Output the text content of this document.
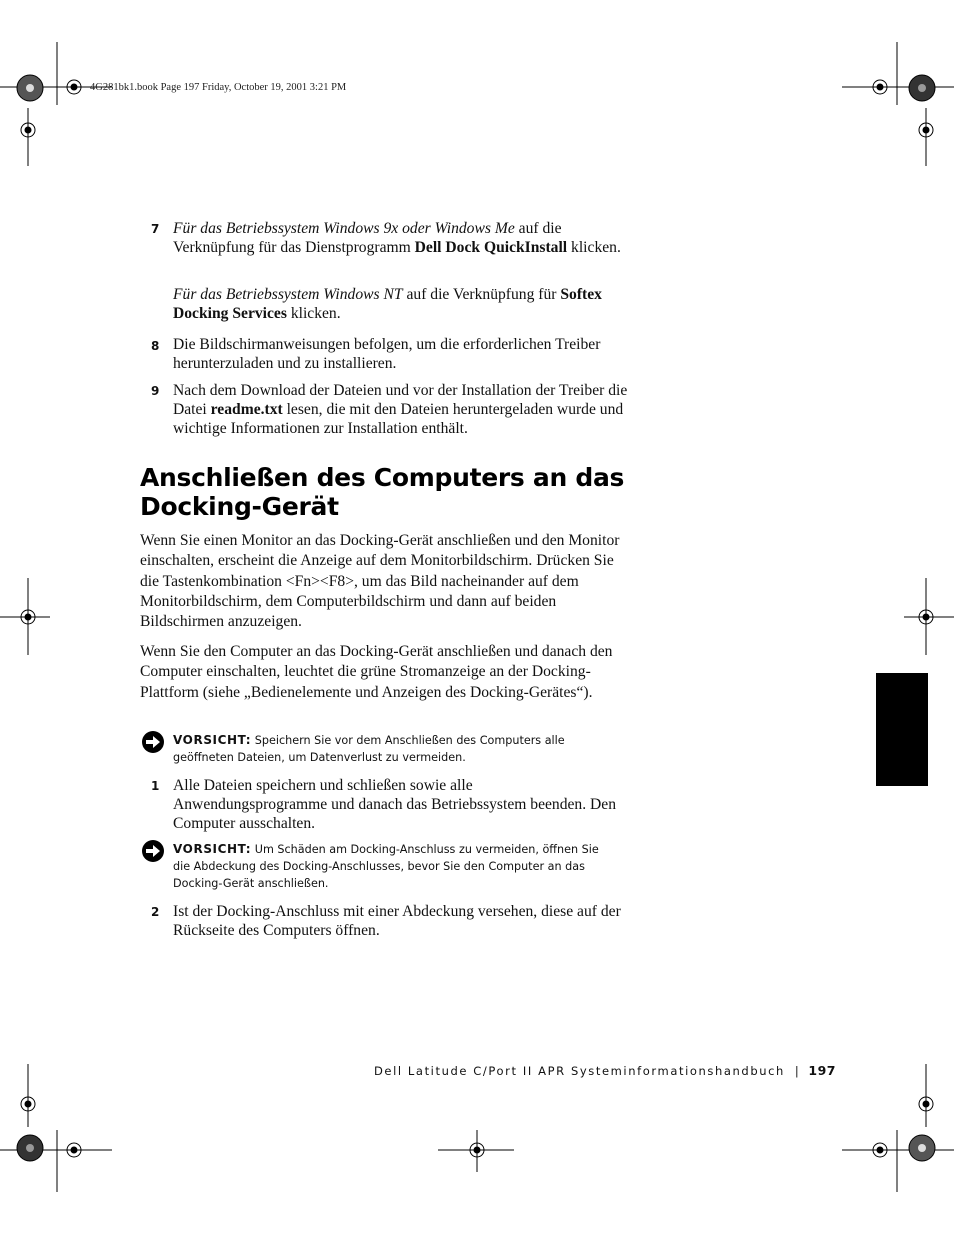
4G281bk1.book Page 197 Friday, October 19, 2001 3:21 PM
7 Für das Betriebssystem Windows 9x oder Windows Me auf die Verknüpfung für das Dienstprogramm Dell Dock QuickInstall klicken.
Für das Betriebssystem Windows NT auf die Verknüpfung für Softex Docking Services klicken.
8 Die Bildschirmanweisungen befolgen, um die erforderlichen Treiber herunterzuladen und zu installieren.
9 Nach dem Download der Dateien und vor der Installation der Treiber die Datei readme.txt lesen, die mit den Dateien heruntergeladen wurde und wichtige Informationen zur Installation enthält.
Anschließen des Computers an das Docking-Gerät
Wenn Sie einen Monitor an das Docking-Gerät anschließen und den Monitor einschalten, erscheint die Anzeige auf dem Monitorbildschirm. Drücken Sie die Tastenkombination <Fn><F8>, um das Bild nacheinander auf dem Monitorbildschirm, dem Computerbildschirm und dann auf beiden Bildschirmen anzuzeigen.
Wenn Sie den Computer an das Docking-Gerät anschließen und danach den Computer einschalten, leuchtet die grüne Stromanzeige an der Docking-Plattform (siehe „Bedienelemente und Anzeigen des Docking-Gerätes“).
VORSICHT: Speichern Sie vor dem Anschließen des Computers alle geöffneten Dateien, um Datenverlust zu vermeiden.
1 Alle Dateien speichern und schließen sowie alle Anwendungsprogramme und danach das Betriebssystem beenden. Den Computer ausschalten.
VORSICHT: Um Schäden am Docking-Anschluss zu vermeiden, öffnen Sie die Abdeckung des Docking-Anschlusses, bevor Sie den Computer an das Docking-Gerät anschließen.
2 Ist der Docking-Anschluss mit einer Abdeckung versehen, diese auf der Rückseite des Computers öffnen.
Dell Latitude C/Port II APR Systeminformationshandbuch | 197
